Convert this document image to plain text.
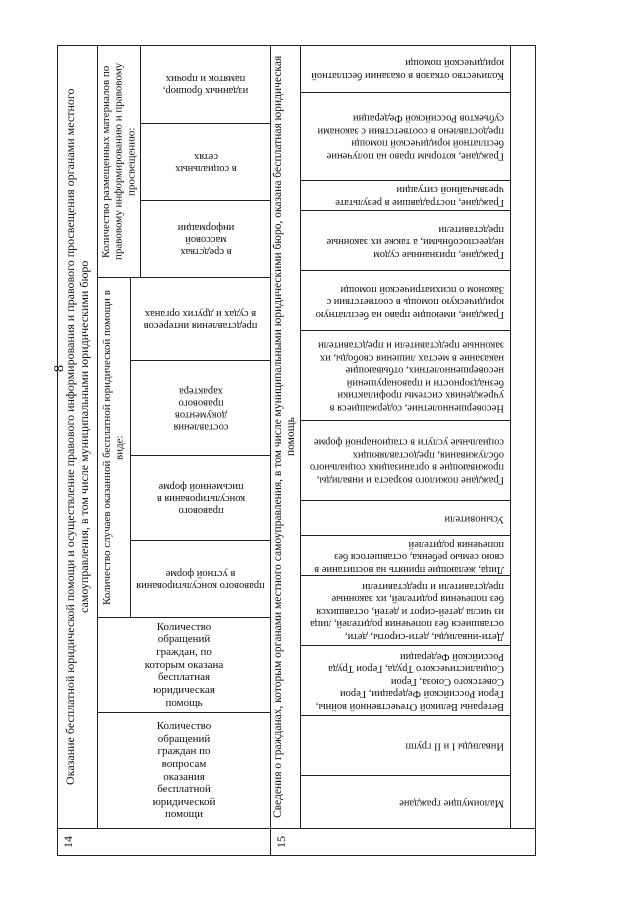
8
14
Оказание бесплатной юридической помощи и осуществление правового информирования и правового просвещения органами местного самоуправления, в том числе муниципальными юридическими бюро
Количество обращений граждан по вопросам оказания бесплатной юридической помощи
Количество обращений граждан, по которым оказана бесплатная юридическая помощь
Количество случаев оказанной бесплатной юридической помощи в виде:
правового консультирования в устной форме
правового консультирования в письменной форме
составления документов правового характера
представления интересов в судах и других органах
Количество размещенных материалов по правовому информированию и правовому просвещению:
в средствах массовой информации
в социальных сетях
изданных брошюр, памяток и прочих
15
Сведения о гражданах, которым органами местного самоуправления, в том числе муниципальными юридическими бюро, оказана бесплатная юридическая помощь
Количество отказов в оказании бесплатной юридической помощи
Граждане, которым право на получение бесплатной юридической помощи предоставлено в соответствии с законами субъектов Российской Федерации
Граждане, пострадавшие в результате чрезвычайной ситуации
Граждане, признанные судом недееспособными, а также их законные представители
Граждане, имеющие право на бесплатную юридическую помощь в соответствии с Законом о психиатрической помощи
Несовершеннолетние, содержащиеся в учреждениях системы профилактики безнадзорности и правонарушений несовершеннолетних, отбывающие наказание в местах лишения свободы, их законные представители и представители
Граждане пожилого возраста и инвалиды, проживающие в организациях социального обслуживания, предоставляющих социальные услуги в стационарной форме
Усыновители
Лица, желающие принять на воспитание в свою семью ребенка, оставшегося без попечения родителей
Дети-инвалиды, дети-сироты, дети, оставшиеся без попечения родителей, лица из числа детей-сирот и детей, оставшихся без попечения родителей, их законные представители и представители
Ветераны Великой Отечественной войны, Герои Российской Федерации, Герои Советского Союза, Герои Социалистического Труда, Герои Труда Российской Федерации
Инвалиды I и II групп
Малоимущие граждане
